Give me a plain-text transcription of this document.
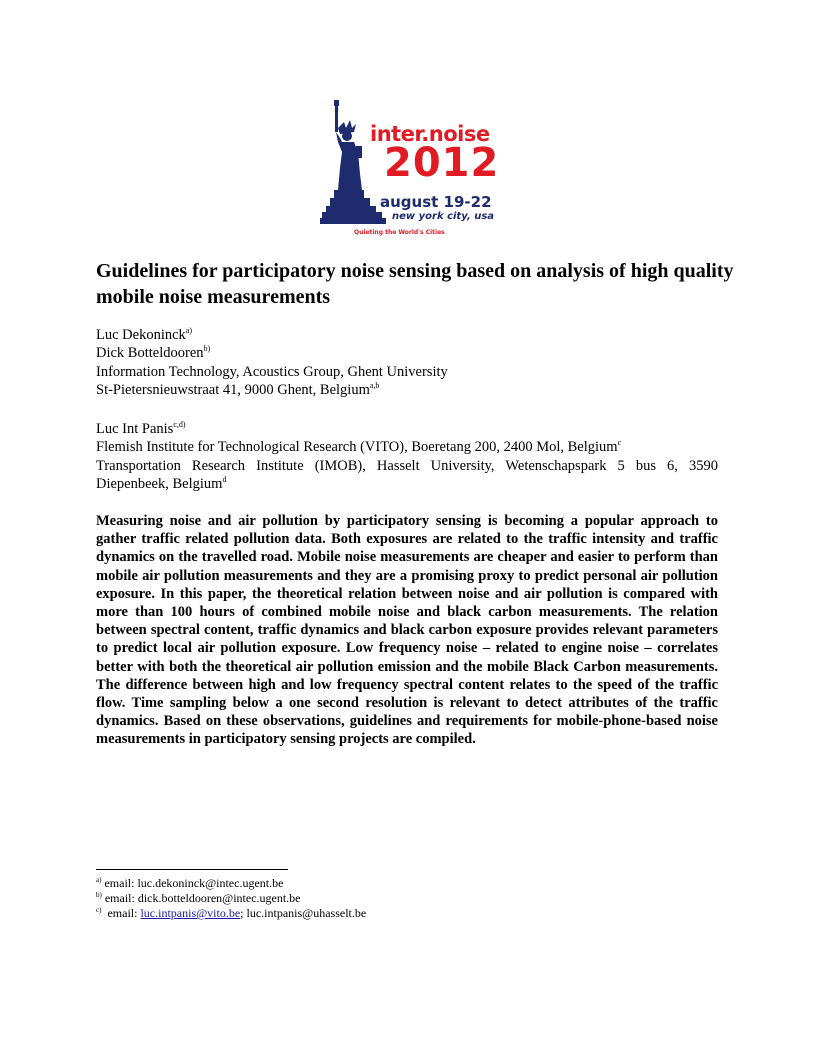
inter.noise
2012
august 19-22
new york city, usa
Quieting the World's Cities
Guidelines for participatory noise sensing based on analysis of high quality mobile noise measurements
Luc Dekoninck$^{a)}$
Dick Botteldooren$^{b)}$
Information Technology, Acoustics Group, Ghent University
St-Pietersnieuwstraat 41, 9000 Ghent, Belgium$^{a,b}$
Luc Int Panis$^{c,d)}$
Flemish Institute for Technological Research (VITO), Boeretang 200, 2400 Mol, Belgium$^c$
Transportation Research Institute (IMOB), Hasselt University, Wetenschapspark 5 bus 6, 3590 Diepenbeek, Belgium$^d$

Measuring noise and air pollution by participatory sensing is becoming a popular approach to gather traffic related pollution data. Both exposures are related to the traffic intensity and traffic dynamics on the travelled road. Mobile noise measurements are cheaper and easier to perform than mobile air pollution measurements and they are a promising proxy to predict personal air pollution exposure. In this paper, the theoretical relation between noise and air pollution is compared with more than 100 hours of combined mobile noise and black carbon measurements. The relation between spectral content, traffic dynamics and black carbon exposure provides relevant parameters to predict local air pollution exposure. Low frequency noise – related to engine noise – correlates better with both the theoretical air pollution emission and the mobile Black Carbon measurements. The difference between high and low frequency spectral content relates to the speed of the traffic flow. Time sampling below a one second resolution is relevant to detect attributes of the traffic dynamics. Based on these observations, guidelines and requirements for mobile-phone-based noise measurements in participatory sensing projects are compiled.

$^{a)}$ email: luc.dekoninck@intec.ugent.be
$^{b)}$ email: dick.botteldooren@intec.ugent.be
$^{c)}$ email: luc.intpanis@vito.be; luc.intpanis@uhasselt.be
